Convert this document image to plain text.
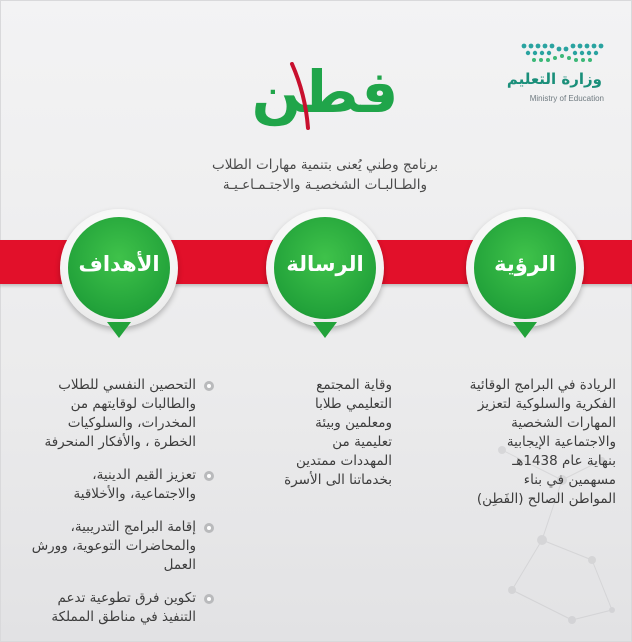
وزارة التعليم
Ministry of Education
فطن
برنامج وطني يُعنى بتنمية مهارات الطلاب
والطـالبـات الشخصيـة والاجتـمـاعـيـة
الرؤية
الرسالة
الأهداف

الريادة في البرامج الوقائية

الفكرية والسلوكية لتعزيز

المهارات الشخصية

والاجتماعية الإيجابية

بنهاية عام 1438هـ

مسهمين في بناء

المواطن الصالح (الفَطِن)

وقاية المجتمع

التعليمي طلابا

ومعلمين وبيئة

تعليمية من

المهددات ممتدين

بخدماتنا الى الأسرة

التحصين النفسي للطلاب

والطالبات لوقايتهم من

المخدرات، والسلوكيات

الخطرة ، والأفكار المنحرفة

تعزيز القيم الدينية،

والاجتماعية، والأخلاقية

إقامة البرامج التدريبية،

والمحاضرات التوعوية، وورش

العمل

تكوين فرق تطوعية تدعم

التنفيذ في مناطق المملكة
